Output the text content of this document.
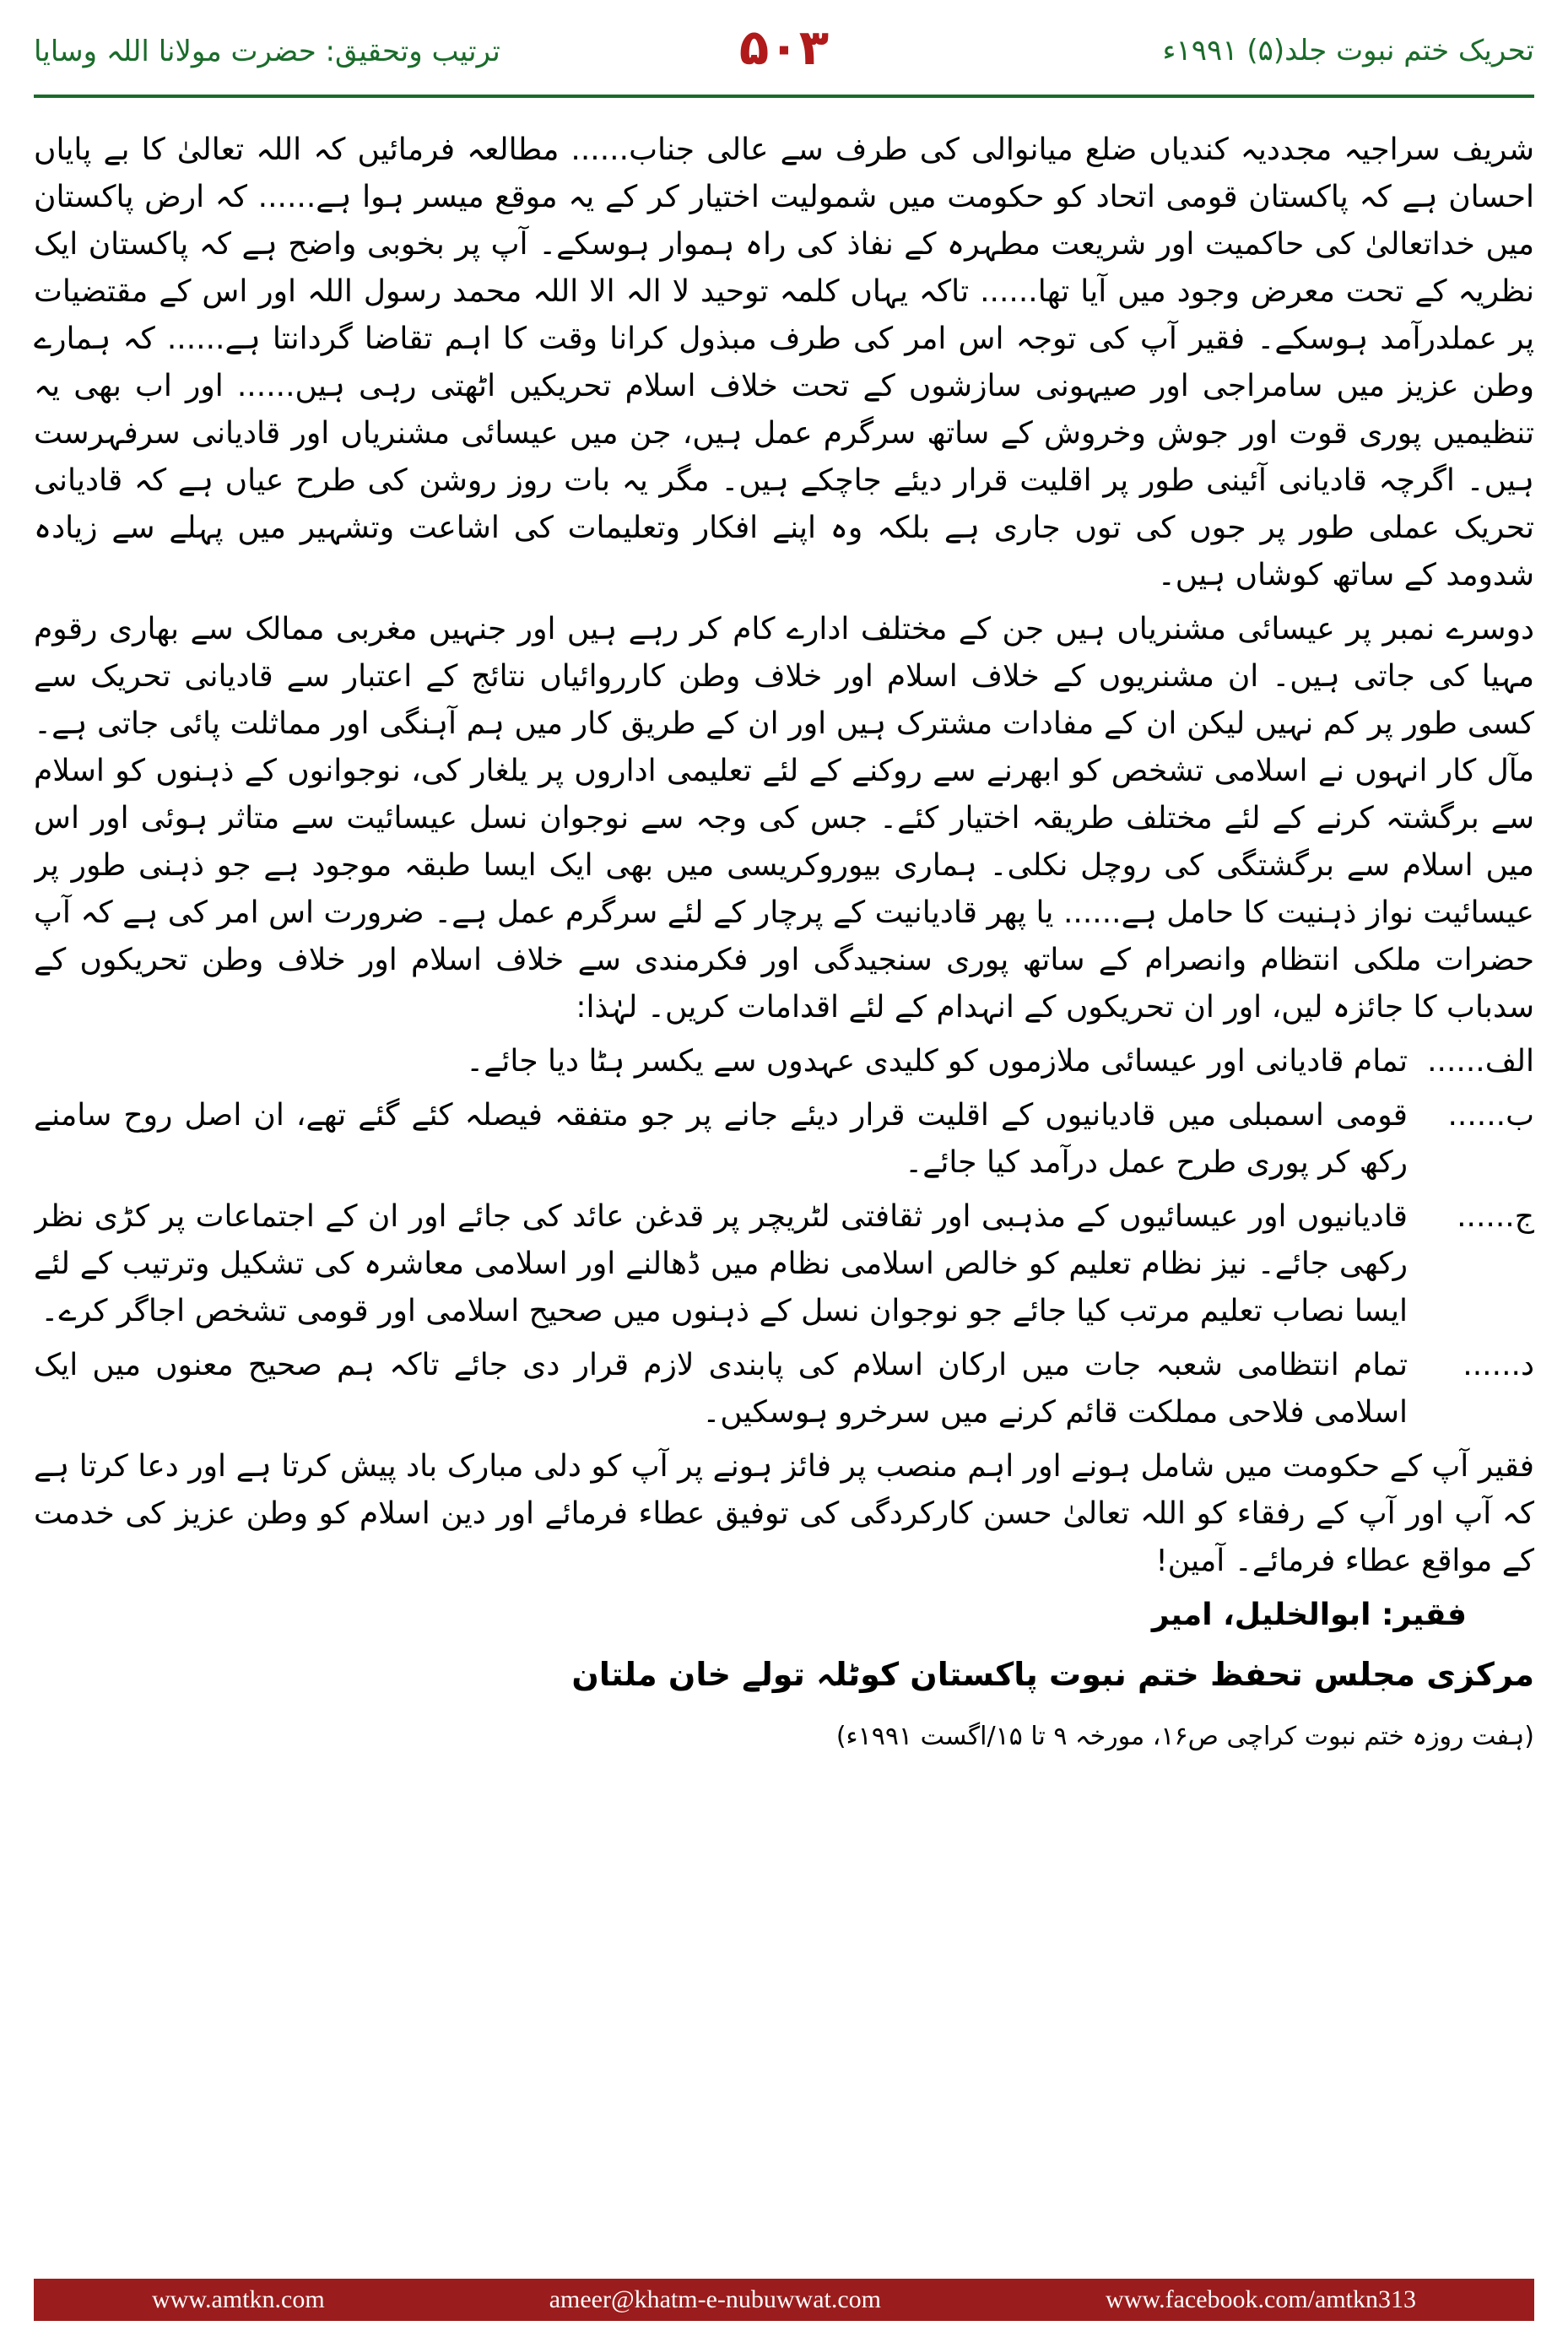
تحریک ختم نبوت جلد(۵) ۱۹۹۱ء
۵۰۳
ترتیب وتحقیق: حضرت مولانا اللہ وسایا

شریف سراجیہ مجددیہ کندیاں ضلع میانوالی کی طرف سے عالی جناب...... مطالعہ فرمائیں کہ اللہ تعالیٰ کا بے پایاں احسان ہے کہ پاکستان قومی اتحاد کو حکومت میں شمولیت اختیار کر کے یہ موقع میسر ہوا ہے...... کہ ارض پاکستان میں خداتعالیٰ کی حاکمیت اور شریعت مطہرہ کے نفاذ کی راہ ہموار ہوسکے۔ آپ پر بخوبی واضح ہے کہ پاکستان ایک نظریہ کے تحت معرض وجود میں آیا تھا...... تاکہ یہاں کلمہ توحید لا الہ الا اللہ محمد رسول اللہ اور اس کے مقتضیات پر عملدرآمد ہوسکے۔ فقیر آپ کی توجہ اس امر کی طرف مبذول کرانا وقت کا اہم تقاضا گردانتا ہے...... کہ ہمارے وطن عزیز میں سامراجی اور صیہونی سازشوں کے تحت خلاف اسلام تحریکیں اٹھتی رہی ہیں...... اور اب بھی یہ تنظیمیں پوری قوت اور جوش وخروش کے ساتھ سرگرم عمل ہیں، جن میں عیسائی مشنریاں اور قادیانی سرفہرست ہیں۔ اگرچہ قادیانی آئینی طور پر اقلیت قرار دیئے جاچکے ہیں۔ مگر یہ بات روز روشن کی طرح عیاں ہے کہ قادیانی تحریک عملی طور پر جوں کی توں جاری ہے بلکہ وہ اپنے افکار وتعلیمات کی اشاعت وتشہیر میں پہلے سے زیادہ شدومد کے ساتھ کوشاں ہیں۔

دوسرے نمبر پر عیسائی مشنریاں ہیں جن کے مختلف ادارے کام کر رہے ہیں اور جنہیں مغربی ممالک سے بھاری رقوم مہیا کی جاتی ہیں۔ ان مشنریوں کے خلاف اسلام اور خلاف وطن کارروائیاں نتائج کے اعتبار سے قادیانی تحریک سے کسی طور پر کم نہیں لیکن ان کے مفادات مشترک ہیں اور ان کے طریق کار میں ہم آہنگی اور مماثلت پائی جاتی ہے۔ مآل کار انہوں نے اسلامی تشخص کو ابھرنے سے روکنے کے لئے تعلیمی اداروں پر یلغار کی، نوجوانوں کے ذہنوں کو اسلام سے برگشتہ کرنے کے لئے مختلف طریقہ اختیار کئے۔ جس کی وجہ سے نوجوان نسل عیسائیت سے متاثر ہوئی اور اس میں اسلام سے برگشتگی کی روچل نکلی۔ ہماری بیوروکریسی میں بھی ایک ایسا طبقہ موجود ہے جو ذہنی طور پر عیسائیت نواز ذہنیت کا حامل ہے...... یا پھر قادیانیت کے پرچار کے لئے سرگرم عمل ہے۔ ضرورت اس امر کی ہے کہ آپ حضرات ملکی انتظام وانصرام کے ساتھ پوری سنجیدگی اور فکرمندی سے خلاف اسلام اور خلاف وطن تحریکوں کے سدباب کا جائزہ لیں، اور ان تحریکوں کے انہدام کے لئے اقدامات کریں۔ لہٰذا:

الف......
تمام قادیانی اور عیسائی ملازموں کو کلیدی عہدوں سے یکسر ہٹا دیا جائے۔
ب......
قومی اسمبلی میں قادیانیوں کے اقلیت قرار دیئے جانے پر جو متفقہ فیصلہ کئے گئے تھے، ان اصل روح سامنے رکھ کر پوری طرح عمل درآمد کیا جائے۔
ج......
قادیانیوں اور عیسائیوں کے مذہبی اور ثقافتی لٹریچر پر قدغن عائد کی جائے اور ان کے اجتماعات پر کڑی نظر رکھی جائے۔ نیز نظام تعلیم کو خالص اسلامی نظام میں ڈھالنے اور اسلامی معاشرہ کی تشکیل وترتیب کے لئے ایسا نصاب تعلیم مرتب کیا جائے جو نوجوان نسل کے ذہنوں میں صحیح اسلامی اور قومی تشخص اجاگر کرے۔
د......
تمام انتظامی شعبہ جات میں ارکان اسلام کی پابندی لازم قرار دی جائے تاکہ ہم صحیح معنوں میں ایک اسلامی فلاحی مملکت قائم کرنے میں سرخرو ہوسکیں۔

فقیر آپ کے حکومت میں شامل ہونے اور اہم منصب پر فائز ہونے پر آپ کو دلی مبارک باد پیش کرتا ہے اور دعا کرتا ہے کہ آپ اور آپ کے رفقاء کو اللہ تعالیٰ حسن کارکردگی کی توفیق عطاء فرمائے اور دین اسلام کو وطن عزیز کی خدمت کے مواقع عطاء فرمائے۔ آمین!

فقیر: ابوالخلیل، امیر
مرکزی مجلس تحفظ ختم نبوت پاکستان کوٹلہ تولے خان ملتان
(ہفت روزہ ختم نبوت کراچی ص۱۶، مورخہ ۹ تا ۱۵/اگست ۱۹۹۱ء)
www.amtkn.com	ameer@khatm-e-nubuwwat.com	www.facebook.com/amtkn313
